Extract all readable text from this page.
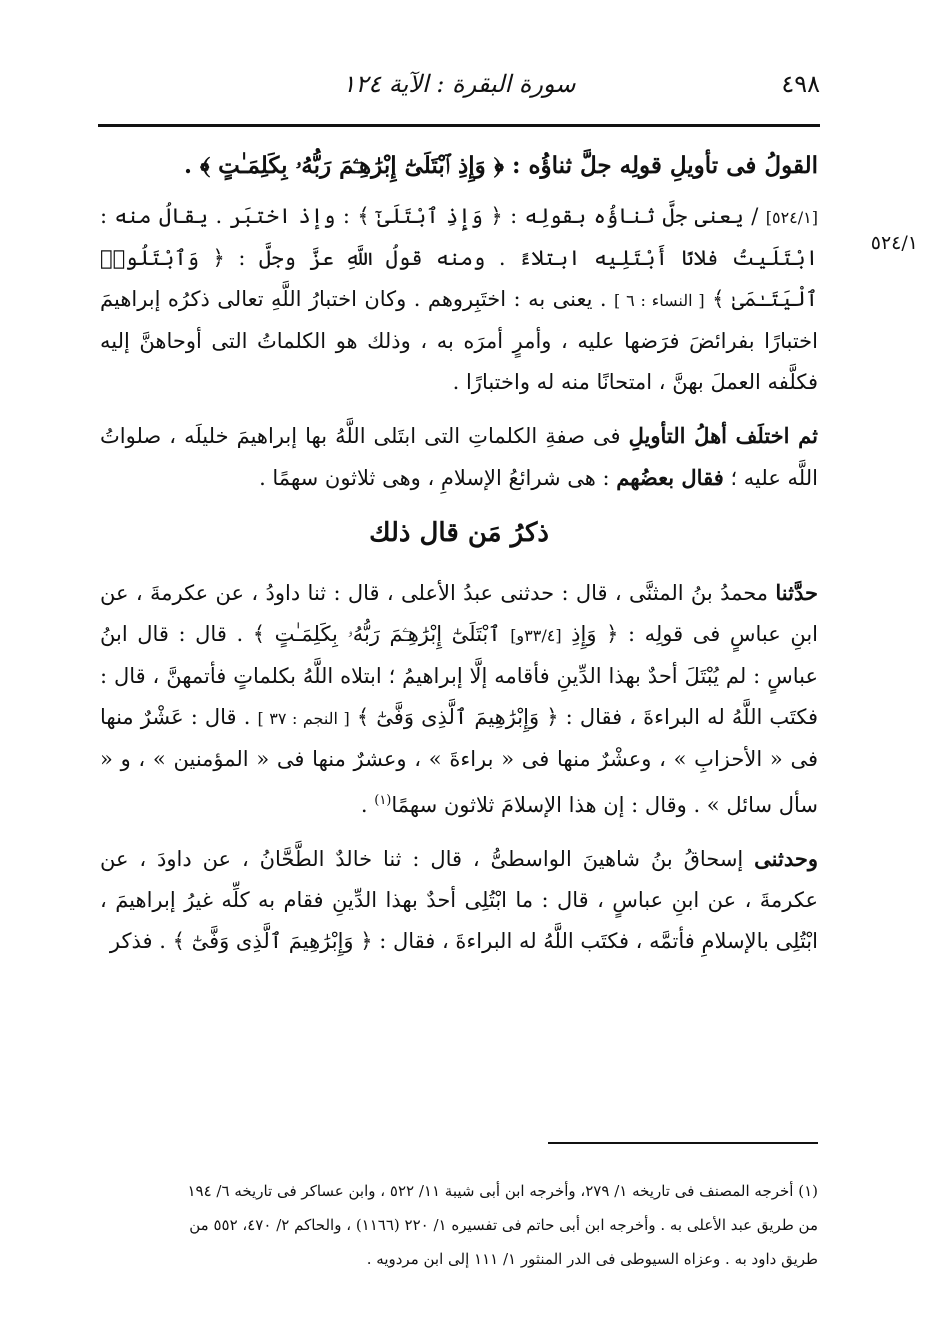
٤٩٨
سورة البقرة : الآية ١٢٤
٥٢٤/١

القولُ فى تأويلِ قولِه جلَّ ثناؤُه : ﴿ وَإِذِ ٱبْتَلَىٰٓ إِبْرَٰهِـۧمَ رَبُّهُۥ بِكَلِمَـٰتٍ ﴾ .

[٥٢٤/١] / يعنى جلَّ ثناؤُه بقولِه : ﴿ وَإِذِ ٱبْتَلَىٰٓ ﴾ : وإذ اختبَر . يقالُ منه : ابْتَلَيتُ فلانًا أَبْتَلِيه ابتلاءً . ومنه قولُ اللَّهِ عزَّ وجلَّ : ﴿ وَٱبْتَلُوا۟ ٱلْيَتَـٰمَىٰ ﴾ [ النساء : ٦ ] . يعنى به : اختَبِروهم . وكان اختبارُ اللَّهِ تعالى ذكرُه إبراهيمَ اختبارًا بفرائضَ فرَضها عليه ، وأمرٍ أمرَه به ، وذلك هو الكلماتُ التى أوحاهنَّ إليه فكلَّفه العملَ بهنَّ ، امتحانًا منه له واختبارًا .

ثم اختلَف أهلُ التأويلِ فى صفةِ الكلماتِ التى ابتَلى اللَّهُ بها إبراهيمَ خليلَه ، صلواتُ اللَّه عليه ؛ فقال بعضُهم : هى شرائعُ الإسلامِ ، وهى ثلاثون سهمًا .

ذكرُ مَن قال ذلك

حدَّثنا محمدُ بنُ المثنَّى ، قال : حدثنى عبدُ الأعلى ، قال : ثنا داودُ ، عن عكرمةَ ، عن ابنِ عباسٍ فى قولِه : ﴿ وَإِذِ [٣٣/٤و] ٱبْتَلَىٰٓ إِبْرَٰهِـۧمَ رَبُّهُۥ بِكَلِمَـٰتٍ ﴾ . قال : قال ابنُ عباسٍ : لم يُبْتَلَ أحدٌ بهذا الدِّينِ فأقامه إلَّا إبراهيمُ ؛ ابتلاه اللَّهُ بكلماتٍ فأتمهنَّ ، قال : فكتَب اللَّهُ له البراءةَ ، فقال : ﴿ وَإِبْرَٰهِيمَ ٱلَّذِى وَفَّىٰٓ ﴾ [ النجم : ٣٧ ] . قال : عَشْرٌ منها فى « الأحزابِ » ، وعشْرٌ منها فى « براءةَ » ، وعشرٌ منها فى « المؤمنين » ، و « سأل سائل » . وقال : إن هذا الإسلامَ ثلاثون سهمًا$^{(١)}$ .

وحدثنى إسحاقُ بنُ شاهينَ الواسطىُّ ، قال : ثنا خالدٌ الطَّحَّانُ ، عن داودَ ، عن عكرمةَ ، عن ابنِ عباسٍ ، قال : ما ابْتُلِى أحدٌ بهذا الدِّينِ فقام به كلِّه غيرُ إبراهيمَ ، ابْتُلِى بالإسلامِ فأتمَّه ، فكتَب اللَّهُ له البراءةَ ، فقال : ﴿ وَإِبْرَٰهِيمَ ٱلَّذِى وَفَّىٰٓ ﴾ . فذكر

(١) أخرجه المصنف فى تاريخه ١/ ٢٧٩، وأخرجه ابن أبى شيبة ١١/ ٥٢٢ ، وابن عساكر فى تاريخه ٦/ ١٩٤

من طريق عبد الأعلى به . وأخرجه ابن أبى حاتم فى تفسيره ١/ ٢٢٠ (١١٦٦) ، والحاكم ٢/ ٤٧٠، ٥٥٢ من

طريق داود به . وعزاه السيوطى فى الدر المنثور ١/ ١١١ إلى ابن مردويه .
